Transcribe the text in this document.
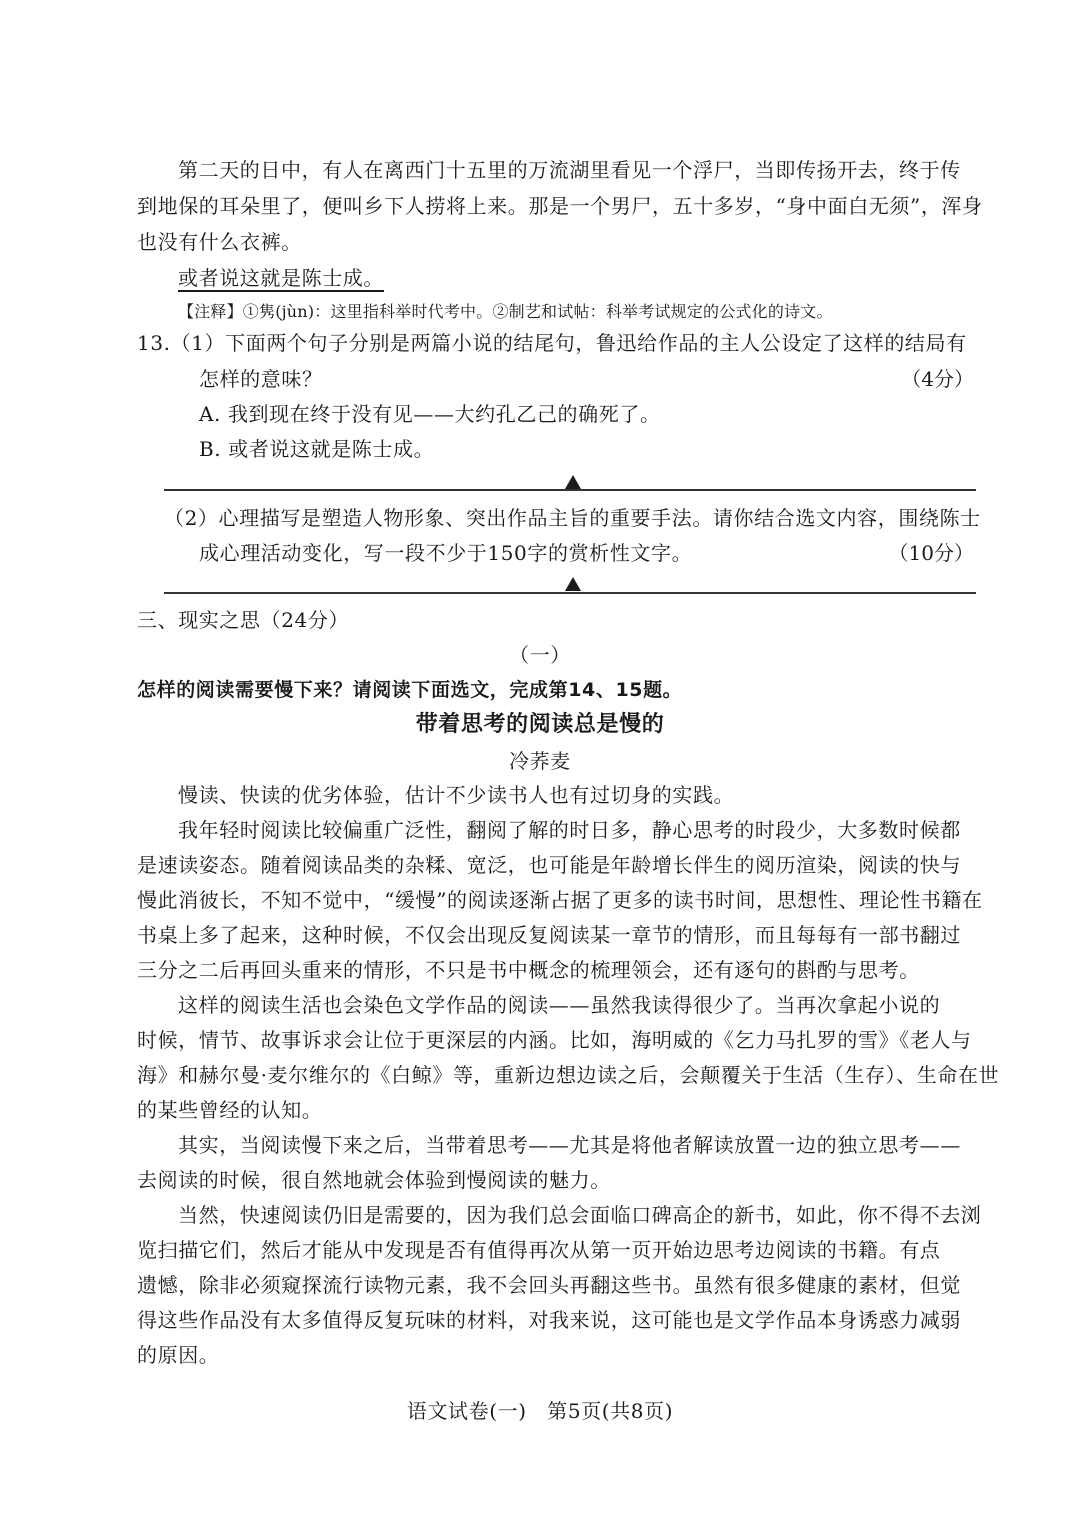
第二天的日中，有人在离西门十五里的万流湖里看见一个浮尸，当即传扬开去，终于传
到地保的耳朵里了，便叫乡下人捞将上来。那是一个男尸，五十多岁，“身中面白无须”，浑身
也没有什么衣裤。
或者说这就是陈士成。
【注释】①隽(jùn)：这里指科举时代考中。②制艺和试帖：科举考试规定的公式化的诗文。
13.（1）下面两个句子分别是两篇小说的结尾句，鲁迅给作品的主人公设定了这样的结局有
怎样的意味？	（4分）
A. 我到现在终于没有见——大约孔乙己的确死了。
B. 或者说这就是陈士成。
（2）心理描写是塑造人物形象、突出作品主旨的重要手法。请你结合选文内容，围绕陈士
成心理活动变化，写一段不少于150字的赏析性文字。	（10分）
三、现实之思（24分）
（一）
怎样的阅读需要慢下来？请阅读下面选文，完成第14、15题。
带着思考的阅读总是慢的
冷荞麦
慢读、快读的优劣体验，估计不少读书人也有过切身的实践。
我年轻时阅读比较偏重广泛性，翻阅了解的时日多，静心思考的时段少，大多数时候都
是速读姿态。随着阅读品类的杂糅、宽泛，也可能是年龄增长伴生的阅历渲染，阅读的快与
慢此消彼长，不知不觉中，“缓慢”的阅读逐渐占据了更多的读书时间，思想性、理论性书籍在
书桌上多了起来，这种时候，不仅会出现反复阅读某一章节的情形，而且每每有一部书翻过
三分之二后再回头重来的情形，不只是书中概念的梳理领会，还有逐句的斟酌与思考。
这样的阅读生活也会染色文学作品的阅读——虽然我读得很少了。当再次拿起小说的
时候，情节、故事诉求会让位于更深层的内涵。比如，海明威的《乞力马扎罗的雪》《老人与
海》和赫尔曼·麦尔维尔的《白鲸》等，重新边想边读之后，会颠覆关于生活（生存）、生命在世
的某些曾经的认知。
其实，当阅读慢下来之后，当带着思考——尤其是将他者解读放置一边的独立思考——
去阅读的时候，很自然地就会体验到慢阅读的魅力。
当然，快速阅读仍旧是需要的，因为我们总会面临口碑高企的新书，如此，你不得不去浏
览扫描它们，然后才能从中发现是否有值得再次从第一页开始边思考边阅读的书籍。有点
遗憾，除非必须窥探流行读物元素，我不会回头再翻这些书。虽然有很多健康的素材，但觉
得这些作品没有太多值得反复玩味的材料，对我来说，这可能也是文学作品本身诱惑力减弱
的原因。
语文试卷(一)　第5页(共8页)
